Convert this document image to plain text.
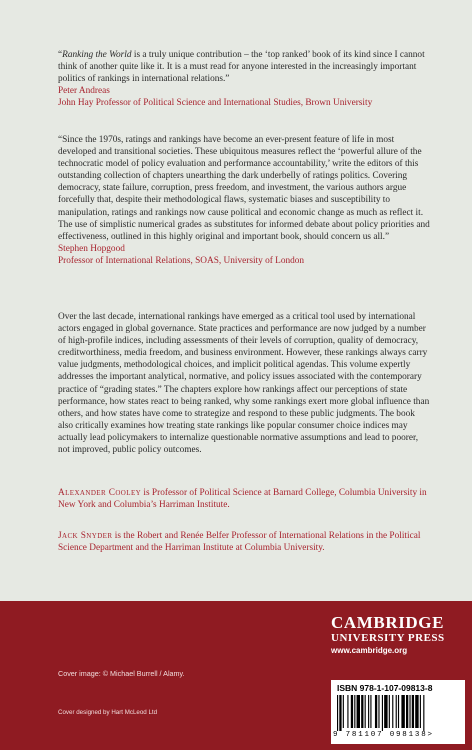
“Ranking the World is a truly unique contribution – the ‘top ranked’ book of its kind since I cannot think of another quite like it. It is a must read for anyone interested in the increasingly important politics of rankings in international relations.”

Peter Andreas

John Hay Professor of Political Science and International Studies, Brown University

“Since the 1970s, ratings and rankings have become an ever-present feature of life in most developed and transitional societies. These ubiquitous measures reflect the ‘powerful allure of the technocratic model of policy evaluation and performance accountability,’ write the editors of this outstanding collection of chapters unearthing the dark underbelly of ratings politics. Covering democracy, state failure, corruption, press freedom, and investment, the various authors argue forcefully that, despite their methodological flaws, systematic biases and susceptibility to manipulation, ratings and rankings now cause political and economic change as much as reflect it. The use of simplistic numerical grades as substitutes for informed debate about policy priorities and effectiveness, outlined in this highly original and important book, should concern us all.”

Stephen Hopgood

Professor of International Relations, SOAS, University of London

Over the last decade, international rankings have emerged as a critical tool used by international actors engaged in global governance. State practices and performance are now judged by a number of high-profile indices, including assessments of their levels of corruption, quality of democracy, creditworthiness, media freedom, and business environment. However, these rankings always carry value judgments, methodological choices, and implicit political agendas. This volume expertly addresses the important analytical, normative, and policy issues associated with the contemporary practice of “grading states.” The chapters explore how rankings affect our perceptions of state performance, how states react to being ranked, why some rankings exert more global influence than others, and how states have come to strategize and respond to these public judgments. The book also critically examines how treating state rankings like popular consumer choice indices may actually lead policymakers to internalize questionable normative assumptions and lead to poorer, not improved, public policy outcomes.

Alexander Cooley is Professor of Political Science at Barnard College, Columbia University in New York and Columbia’s Harriman Institute.

Jack Snyder is the Robert and Renée Belfer Professor of International Relations in the Political Science Department and the Harriman Institute at Columbia University.

Cover image: © Michael Burrell / Alamy.
Cover designed by Hart McLeod Ltd
CAMBRIDGE
UNIVERSITY PRESS
www.cambridge.org
ISBN 978-1-107-09813-8
9 781107 098138>
